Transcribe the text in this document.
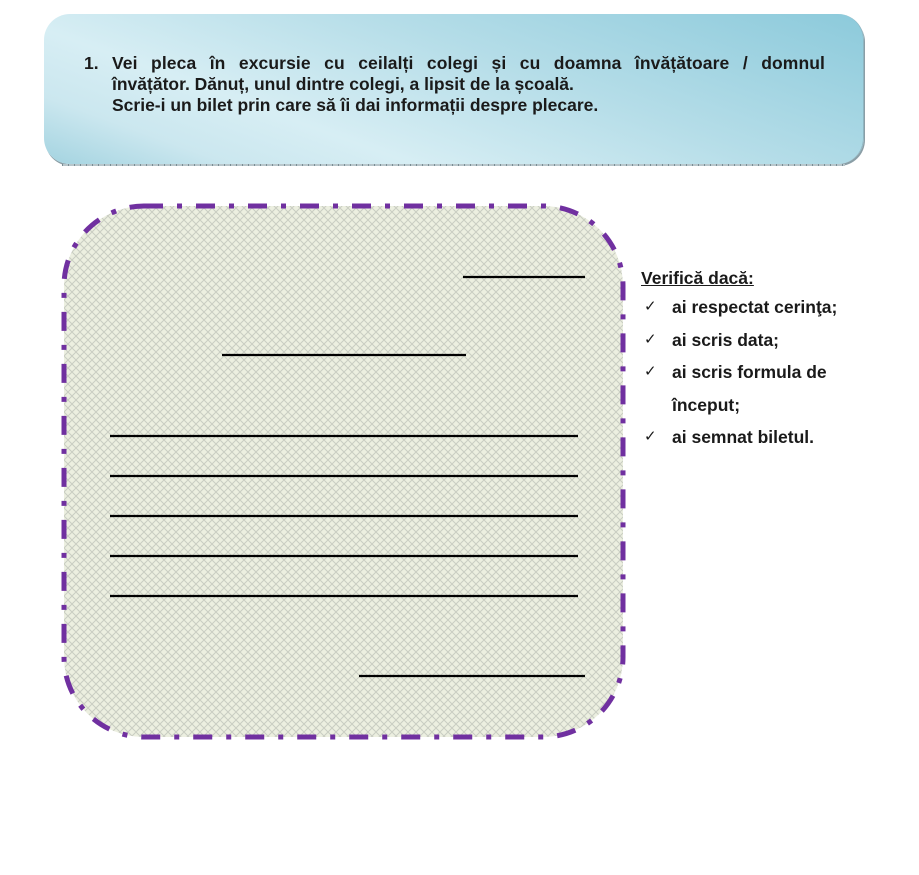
1. Vei pleca în excursie cu ceilalți colegi și cu doamna învățătoare / domnul
învățător. Dănuț, unul dintre colegi, a lipsit de la școală.
Scrie-i un bilet prin care să îi dai informații despre plecare.
Verifică dacă:
✓ ai respectat cerinţa;
✓ ai scris data;
✓ ai scris formula de
început;
✓ ai semnat biletul.
